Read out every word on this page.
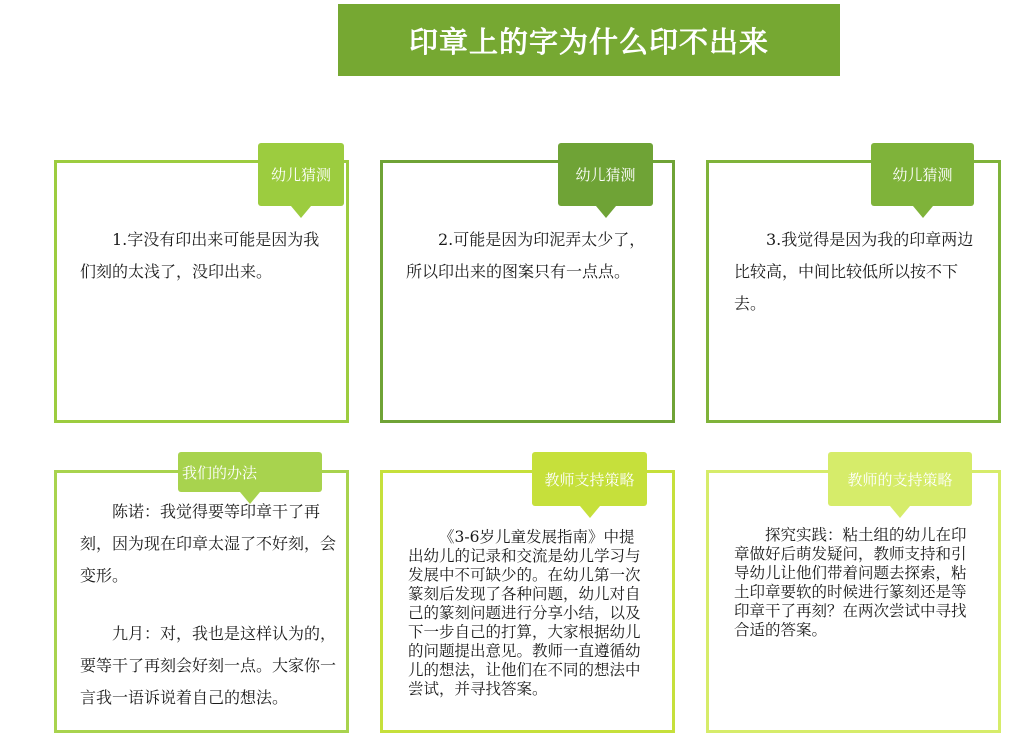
印章上的字为什么印不出来
幼儿猜测

1.字没有印出来可能是因为我们刻的太浅了，没印出来。

幼儿猜测

2.可能是因为印泥弄太少了，所以印出来的图案只有一点点。

幼儿猜测

3.我觉得是因为我的印章两边比较高，中间比较低所以按不下去。

我们的办法

陈诺：我觉得要等印章干了再刻，因为现在印章太湿了不好刻，会变形。

九月：对，我也是这样认为的，要等干了再刻会好刻一点。大家你一言我一语诉说着自己的想法。

教师支持策略

《3-6岁儿童发展指南》中提出幼儿的记录和交流是幼儿学习与发展中不可缺少的。在幼儿第一次篆刻后发现了各种问题，幼儿对自己的篆刻问题进行分享小结，以及下一步自己的打算，大家根据幼儿的问题提出意见。教师一直遵循幼儿的想法，让他们在不同的想法中尝试，并寻找答案。

教师的支持策略

探究实践：粘土组的幼儿在印章做好后萌发疑问，教师支持和引导幼儿让他们带着问题去探索，粘土印章要软的时候进行篆刻还是等印章干了再刻？在两次尝试中寻找合适的答案。
